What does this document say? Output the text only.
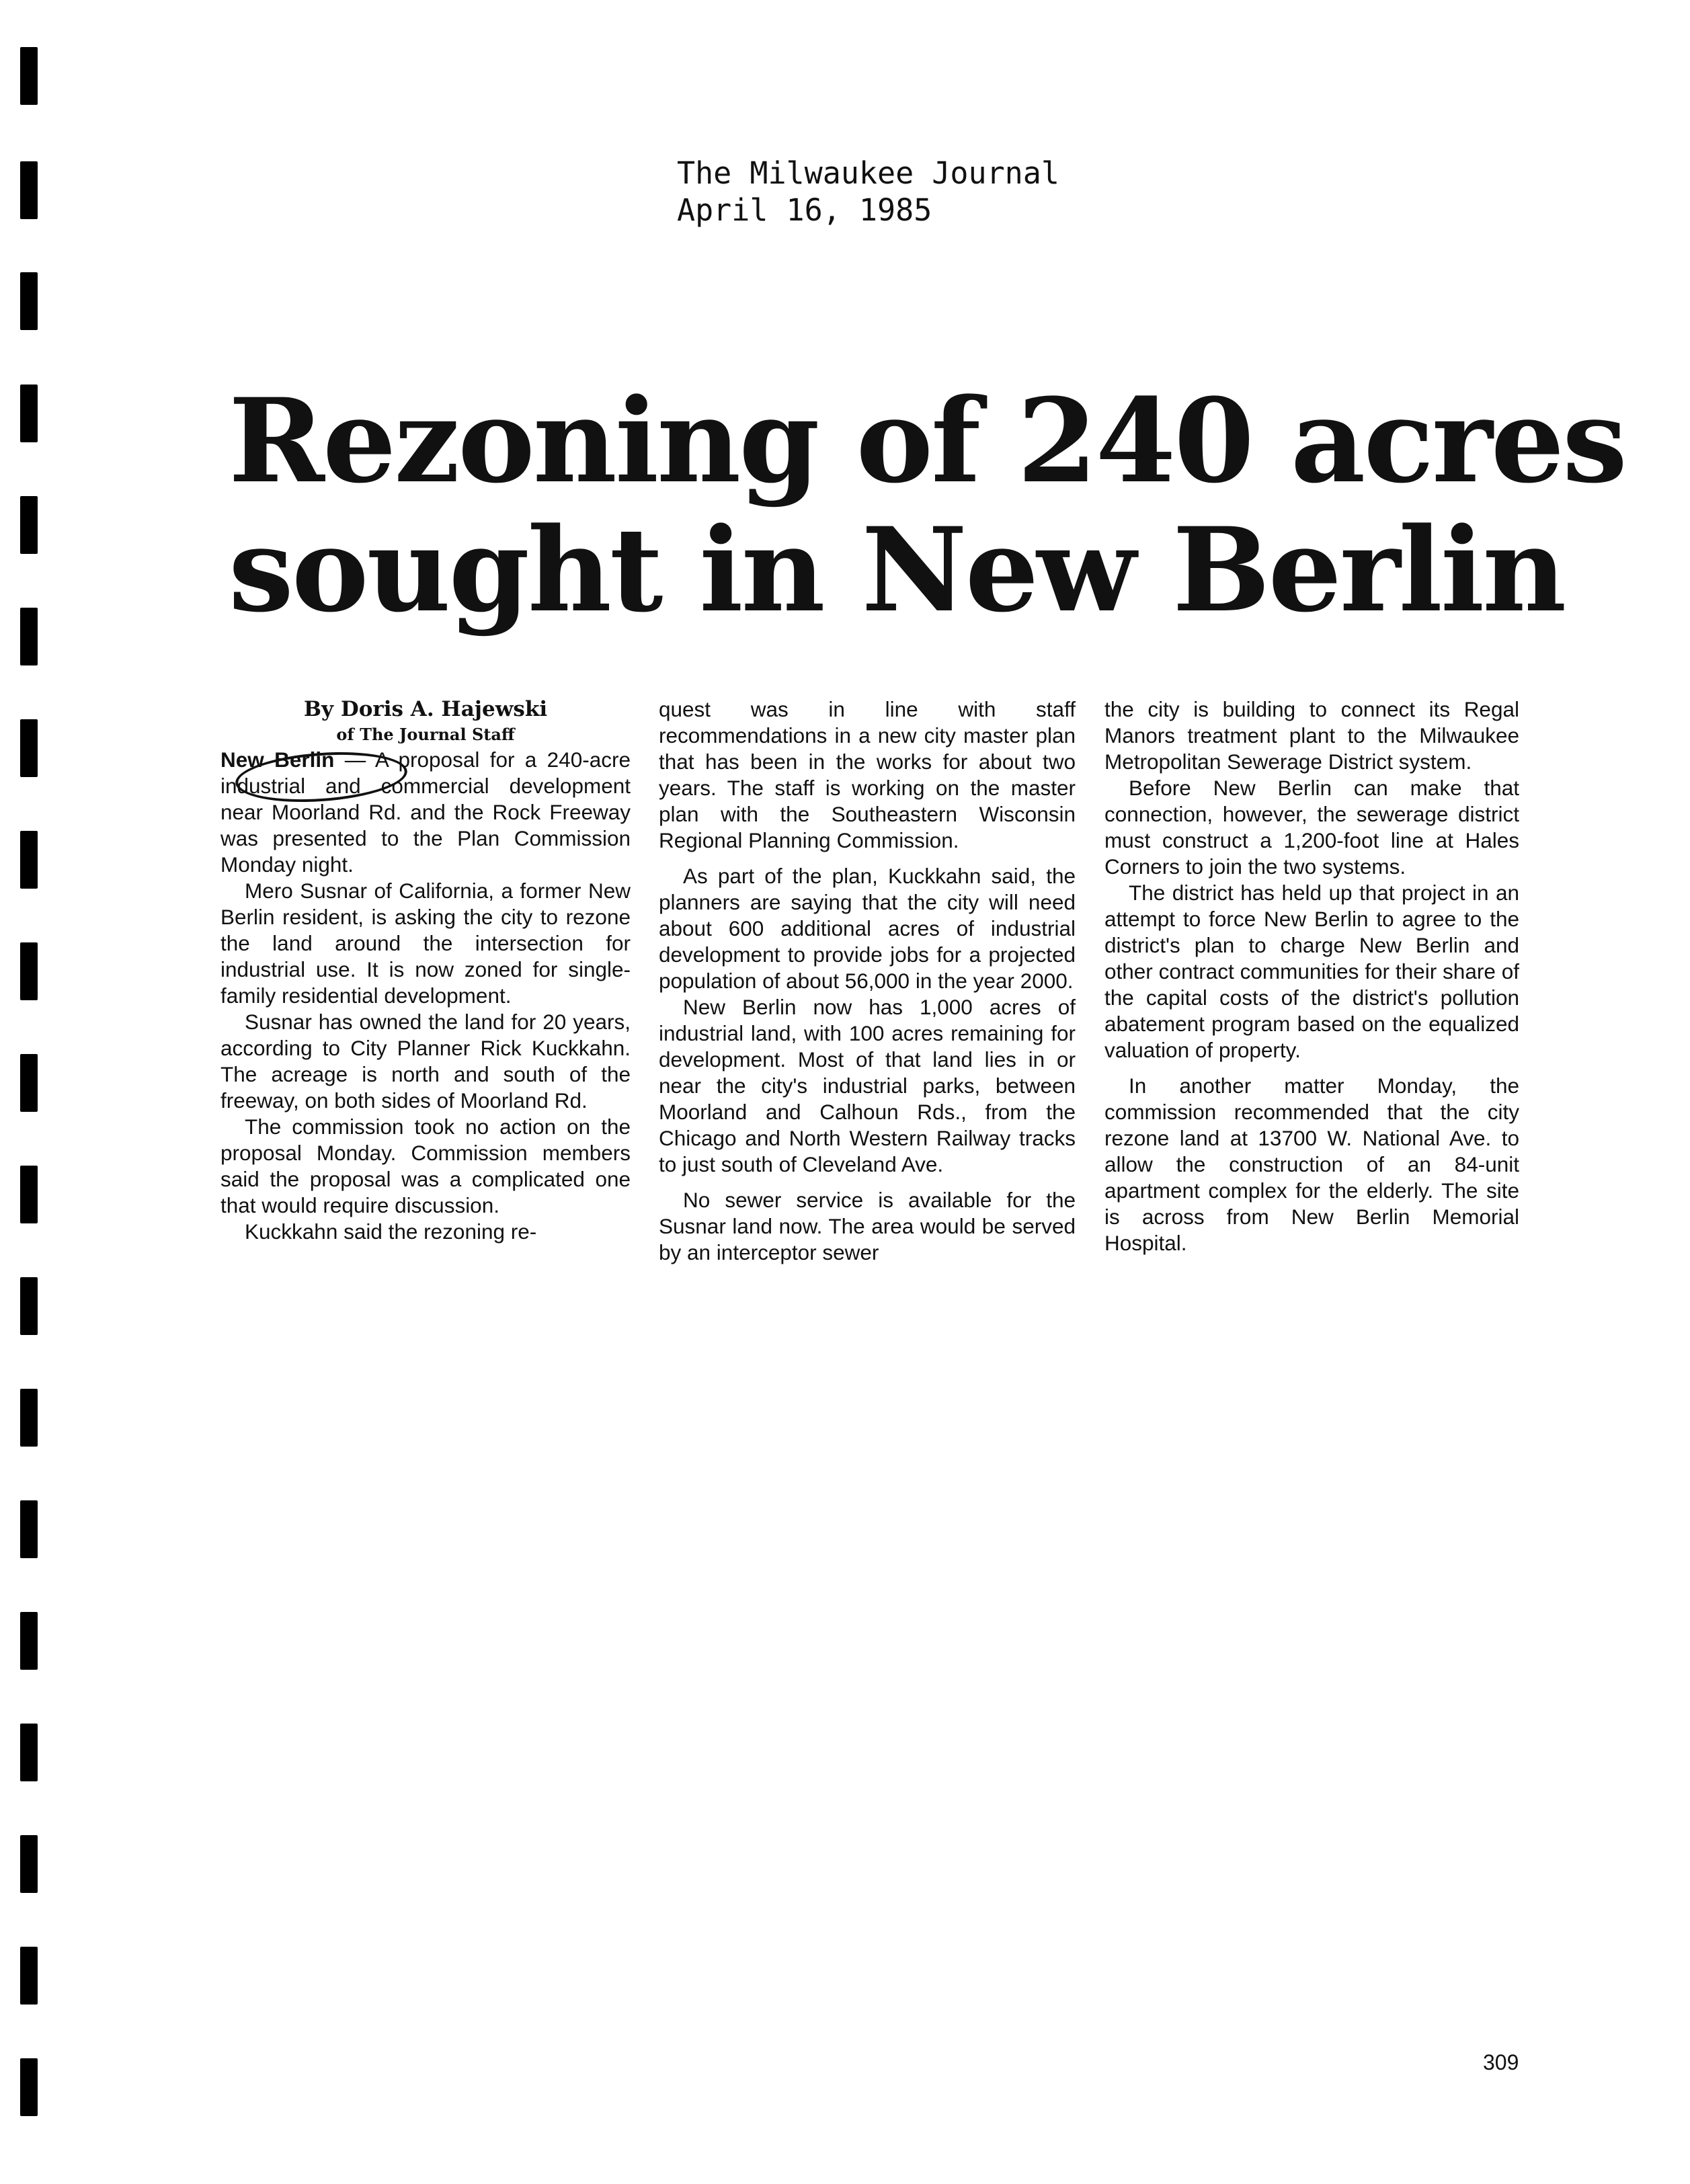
The Milwaukee Journal
April 16, 1985
Rezoning of 240 acres
sought in New Berlin
By Doris A. Hajewski
of The Journal Staff

New Berlin — A proposal for a 240-acre industrial and commercial development near Moorland Rd. and the Rock Freeway was presented to the Plan Commission Monday night.

Mero Susnar of California, a former New Berlin resident, is asking the city to rezone the land around the intersection for industrial use. It is now zoned for single-family residential development.

Susnar has owned the land for 20 years, according to City Planner Rick Kuckkahn. The acreage is north and south of the freeway, on both sides of Moorland Rd.

The commission took no action on the proposal Monday. Commission members said the proposal was a complicated one that would require discussion.

Kuckkahn said the rezoning re-

quest was in line with staff recommendations in a new city master plan that has been in the works for about two years. The staff is working on the master plan with the Southeastern Wisconsin Regional Planning Commission.

As part of the plan, Kuckkahn said, the planners are saying that the city will need about 600 additional acres of industrial development to provide jobs for a projected population of about 56,000 in the year 2000.

New Berlin now has 1,000 acres of industrial land, with 100 acres remaining for development. Most of that land lies in or near the city's industrial parks, between Moorland and Calhoun Rds., from the Chicago and North Western Railway tracks to just south of Cleveland Ave.

No sewer service is available for the Susnar land now. The area would be served by an interceptor sewer

the city is building to connect its Regal Manors treatment plant to the Milwaukee Metropolitan Sewerage District system.

Before New Berlin can make that connection, however, the sewerage district must construct a 1,200-foot line at Hales Corners to join the two systems.

The district has held up that project in an attempt to force New Berlin to agree to the district's plan to charge New Berlin and other contract communities for their share of the capital costs of the district's pollution abatement program based on the equalized valuation of property.

In another matter Monday, the commission recommended that the city rezone land at 13700 W. National Ave. to allow the construction of an 84-unit apartment complex for the elderly. The site is across from New Berlin Memorial Hospital.

309
